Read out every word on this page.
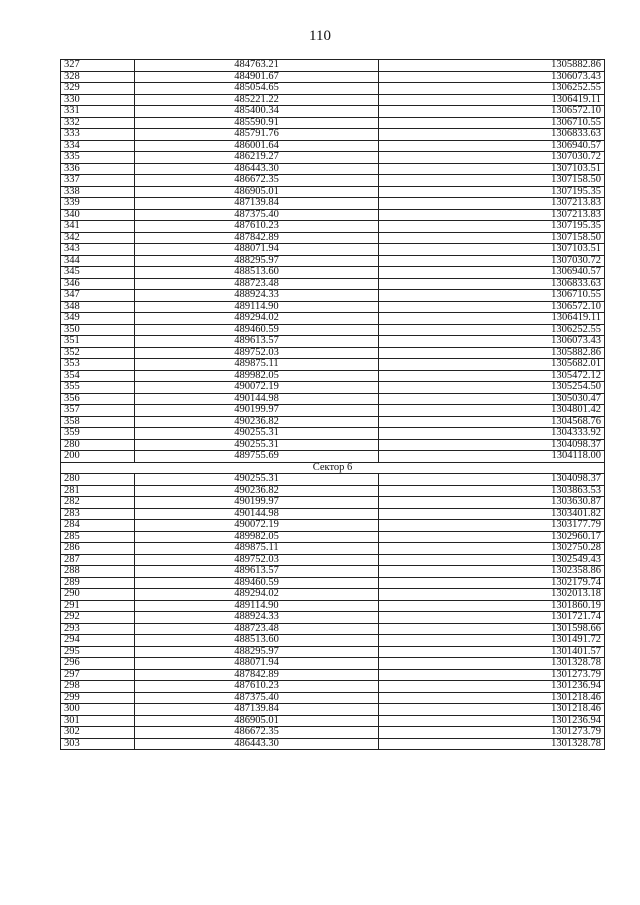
110
327	484763.21	1305882.86
328	484901.67	1306073.43
329	485054.65	1306252.55
330	485221.22	1306419.11
331	485400.34	1306572.10
332	485590.91	1306710.55
333	485791.76	1306833.63
334	486001.64	1306940.57
335	486219.27	1307030.72
336	486443.30	1307103.51
337	486672.35	1307158.50
338	486905.01	1307195.35
339	487139.84	1307213.83
340	487375.40	1307213.83
341	487610.23	1307195.35
342	487842.89	1307158.50
343	488071.94	1307103.51
344	488295.97	1307030.72
345	488513.60	1306940.57
346	488723.48	1306833.63
347	488924.33	1306710.55
348	489114.90	1306572.10
349	489294.02	1306419.11
350	489460.59	1306252.55
351	489613.57	1306073.43
352	489752.03	1305882.86
353	489875.11	1305682.01
354	489982.05	1305472.12
355	490072.19	1305254.50
356	490144.98	1305030.47
357	490199.97	1304801.42
358	490236.82	1304568.76
359	490255.31	1304333.92
280	490255.31	1304098.37
200	489755.69	1304118.00
Сектор 6		
280	490255.31	1304098.37
281	490236.82	1303863.53
282	490199.97	1303630.87
283	490144.98	1303401.82
284	490072.19	1303177.79
285	489982.05	1302960.17
286	489875.11	1302750.28
287	489752.03	1302549.43
288	489613.57	1302358.86
289	489460.59	1302179.74
290	489294.02	1302013.18
291	489114.90	1301860.19
292	488924.33	1301721.74
293	488723.48	1301598.66
294	488513.60	1301491.72
295	488295.97	1301401.57
296	488071.94	1301328.78
297	487842.89	1301273.79
298	487610.23	1301236.94
299	487375.40	1301218.46
300	487139.84	1301218.46
301	486905.01	1301236.94
302	486672.35	1301273.79
303	486443.30	1301328.78
